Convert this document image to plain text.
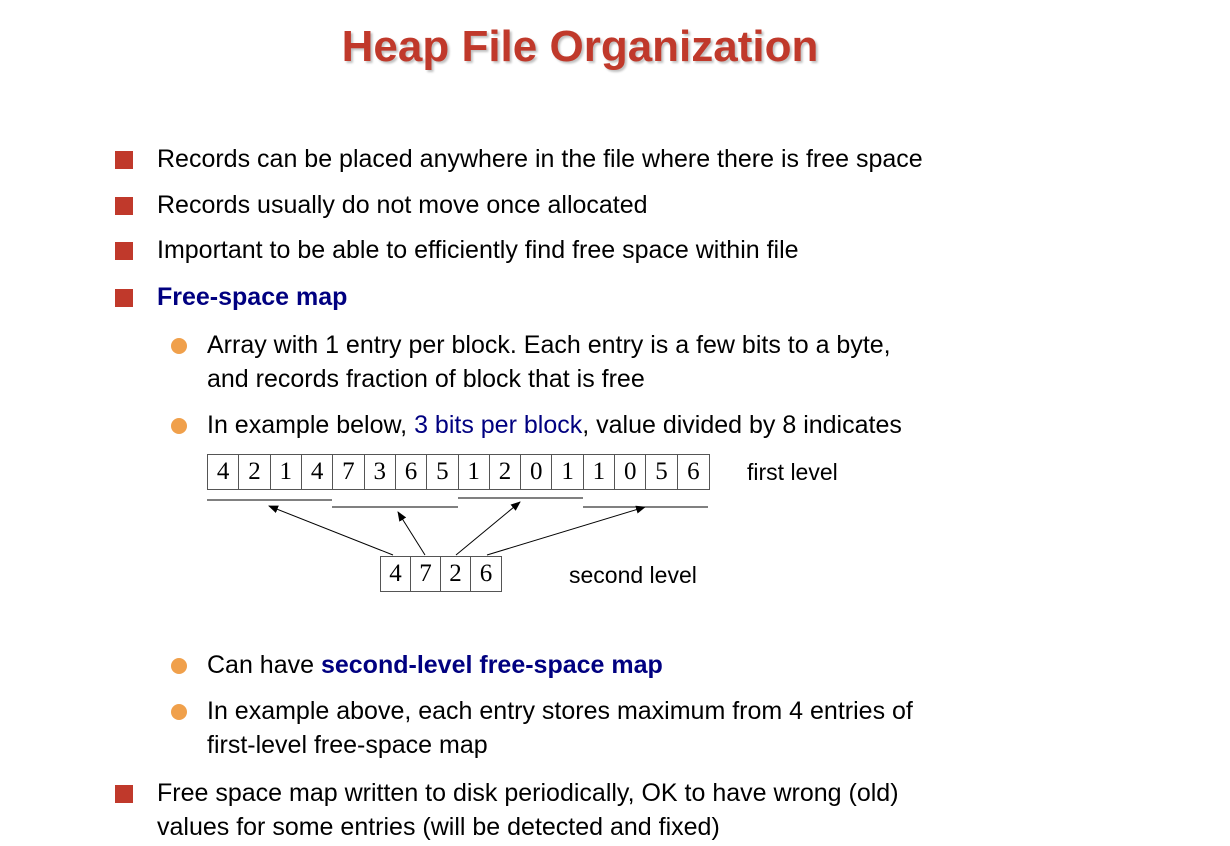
Heap File Organization
Records can be placed anywhere in the file where there is free space
Records usually do not move once allocated
Important to be able to efficiently find free space within file
Free-space map
Array with 1 entry per block. Each entry is a few bits to a byte,
and records fraction of block that is free
In example below, 3 bits per block, value divided by 8 indicates
4 2 1 4 7 3 6 5 1 2 0 1 1 0 5 6	first level
4 7 2 6	second level
Can have second-level free-space map
In example above, each entry stores maximum from 4 entries of
first-level free-space map
Free space map written to disk periodically, OK to have wrong (old)
values for some entries (will be detected and fixed)
